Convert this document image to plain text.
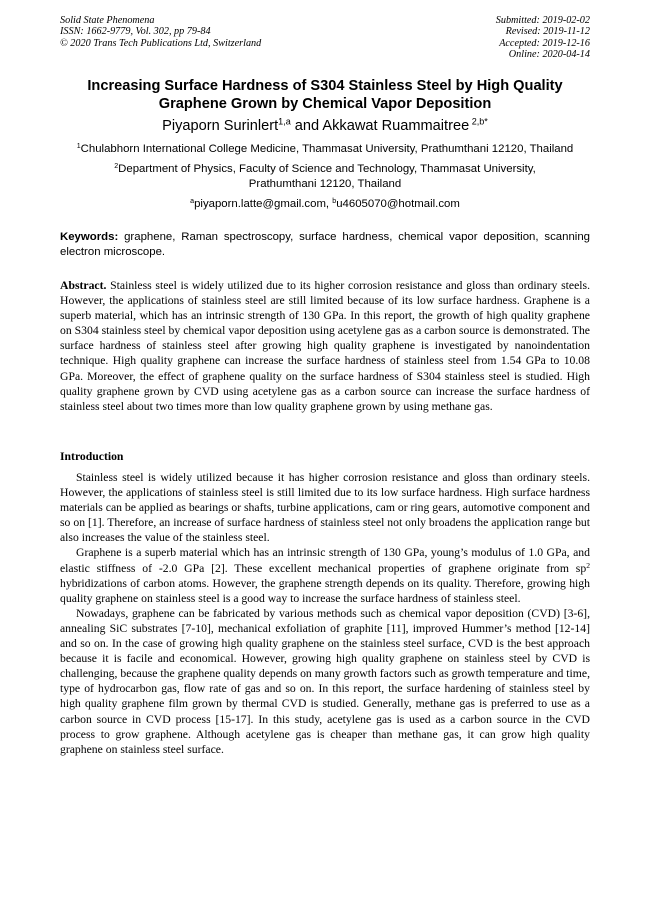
Solid State Phenomena
ISSN: 1662-9779, Vol. 302, pp 79-84
© 2020 Trans Tech Publications Ltd, Switzerland
Submitted: 2019-02-02
Revised: 2019-11-12
Accepted: 2019-12-16
Online: 2020-04-14
Increasing Surface Hardness of S304 Stainless Steel by High Quality
Graphene Grown by Chemical Vapor Deposition
Piyaporn Surinlert$^{1,a}$ and Akkawat Ruammaitree $^{2,b*}$
$^1$Chulabhorn International College Medicine, Thammasat University, Prathumthani 12120, Thailand
$^2$Department of Physics, Faculty of Science and Technology, Thammasat University,
Prathumthani 12120, Thailand
$^a$piyaporn.latte@gmail.com, $^b$u4605070@hotmail.com
Keywords: graphene, Raman spectroscopy, surface hardness, chemical vapor deposition, scanning electron microscope.
Abstract. Stainless steel is widely utilized due to its higher corrosion resistance and gloss than ordinary steels. However, the applications of stainless steel are still limited because of its low surface hardness. Graphene is a superb material, which has an intrinsic strength of 130 GPa. In this report, the growth of high quality graphene on S304 stainless steel by chemical vapor deposition using acetylene gas as a carbon source is demonstrated. The surface hardness of stainless steel after growing high quality graphene is investigated by nanoindentation technique. High quality graphene can increase the surface hardness of stainless steel from 1.54 GPa to 10.08 GPa. Moreover, the effect of graphene quality on the surface hardness of S304 stainless steel is studied. High quality graphene grown by CVD using acetylene gas as a carbon source can increase the surface hardness of stainless steel about two times more than low quality graphene grown by using methane gas.
Introduction

Stainless steel is widely utilized because it has higher corrosion resistance and gloss than ordinary steels. However, the applications of stainless steel is still limited due to its low surface hardness. High surface hardness materials can be applied as bearings or shafts, turbine applications, cam or ring gears, automotive component and so on [1]. Therefore, an increase of surface hardness of stainless steel not only broadens the application range but also increases the value of the stainless steel.

Graphene is a superb material which has an intrinsic strength of 130 GPa, young’s modulus of 1.0 GPa, and elastic stiffness of -2.0 GPa [2]. These excellent mechanical properties of graphene originate from $sp^2$ hybridizations of carbon atoms. However, the graphene strength depends on its quality. Therefore, growing high quality graphene on stainless steel is a good way to increase the surface hardness of stainless steel.

Nowadays, graphene can be fabricated by various methods such as chemical vapor deposition (CVD) [3-6], annealing SiC substrates [7-10], mechanical exfoliation of graphite [11], improved Hummer’s method [12-14] and so on. In the case of growing high quality graphene on the stainless steel surface, CVD is the best approach because it is facile and economical. However, growing high quality graphene on stainless steel by CVD is challenging, because the graphene quality depends on many growth factors such as growth temperature and time, type of hydrocarbon gas, flow rate of gas and so on. In this report, the surface hardening of stainless steel by high quality graphene film grown by thermal CVD is studied. Generally, methane gas is preferred to use as a carbon source in CVD process [15-17]. In this study, acetylene gas is used as a carbon source in the CVD process to grow graphene. Although acetylene gas is cheaper than methane gas, it can grow high quality graphene on stainless steel surface.
